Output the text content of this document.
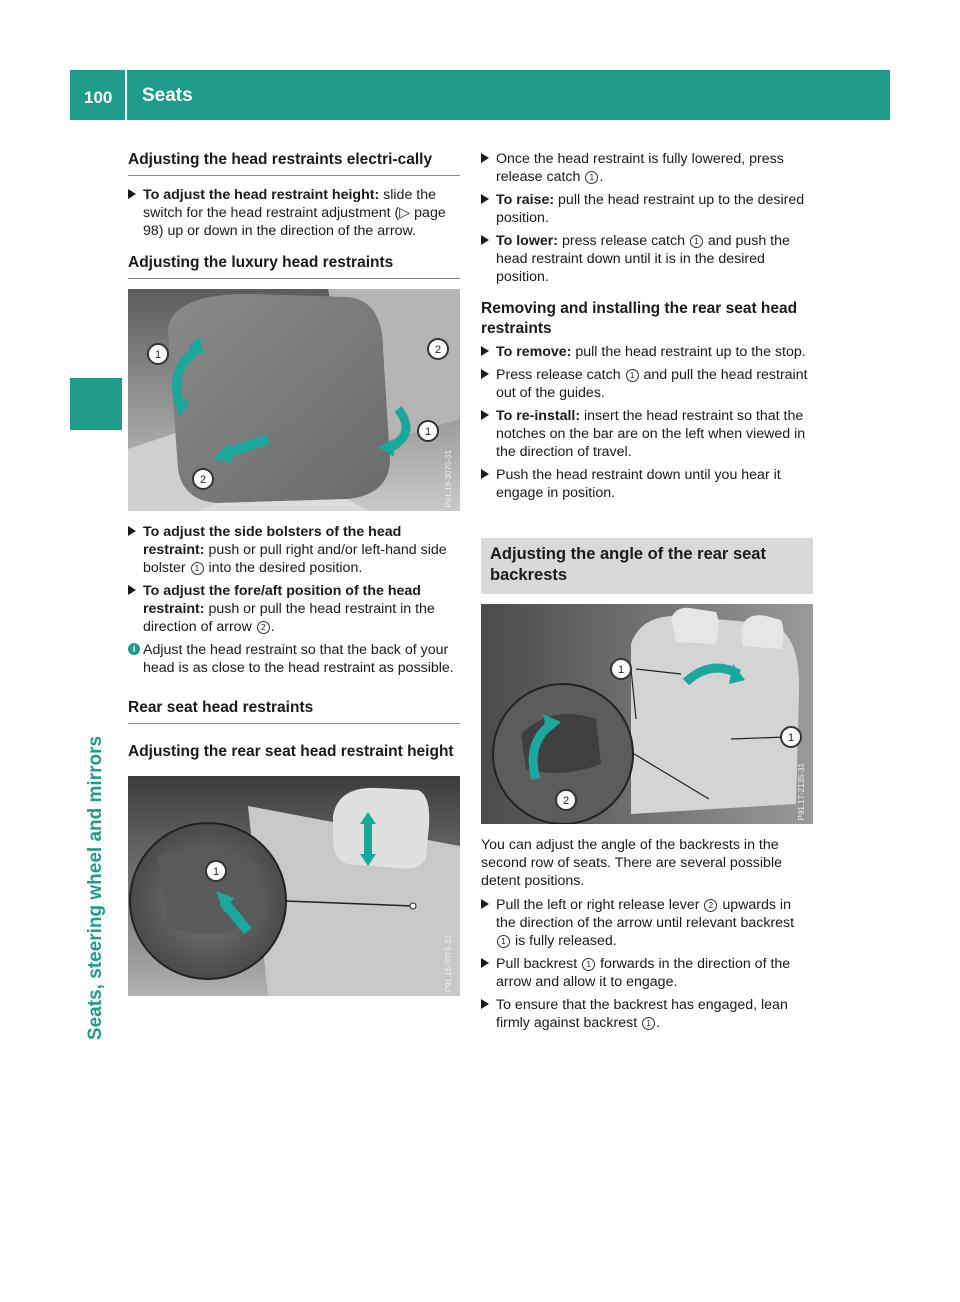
100 Seats
Seats, steering wheel and mirrors
Adjusting the head restraints electri-cally
To adjust the head restraint height: slide the switch for the head restraint adjustment (▷ page 98) up or down in the direction of the arrow.
Adjusting the luxury head restraints
1	2
1
2	P91.16-3070-31
To adjust the side bolsters of the head restraint: push or pull right and/or left-hand side bolster 1 into the desired position.
To adjust the fore/aft position of the head restraint: push or pull the head restraint in the direction of arrow 2 .
i Adjust the head restraint so that the back of your head is as close to the head restraint as possible.
Rear seat head restraints
Adjusting the rear seat head restraint height
1
P91.16-3071-31
Once the head restraint is fully lowered, press release catch 1 .
To raise: pull the head restraint up to the desired position.
To lower: press release catch 1 and push the head restraint down until it is in the desired position.
Removing and installing the rear seat head restraints
To remove: pull the head restraint up to the stop.
Press release catch 1 and pull the head restraint out of the guides.
To re-install: insert the head restraint so that the notches on the bar are on the left when viewed in the direction of travel.
Push the head restraint down until you hear it engage in position.
Adjusting the angle of the rear seat backrests
1
1
2	P91.17-2135-31

You can adjust the angle of the backrests in the second row of seats. There are several possible detent positions.

Pull the left or right release lever 2 upwards in the direction of the arrow until relevant backrest 1 is fully released.
Pull backrest 1 forwards in the direction of the arrow and allow it to engage.
To ensure that the backrest has engaged, lean firmly against backrest 1 .
